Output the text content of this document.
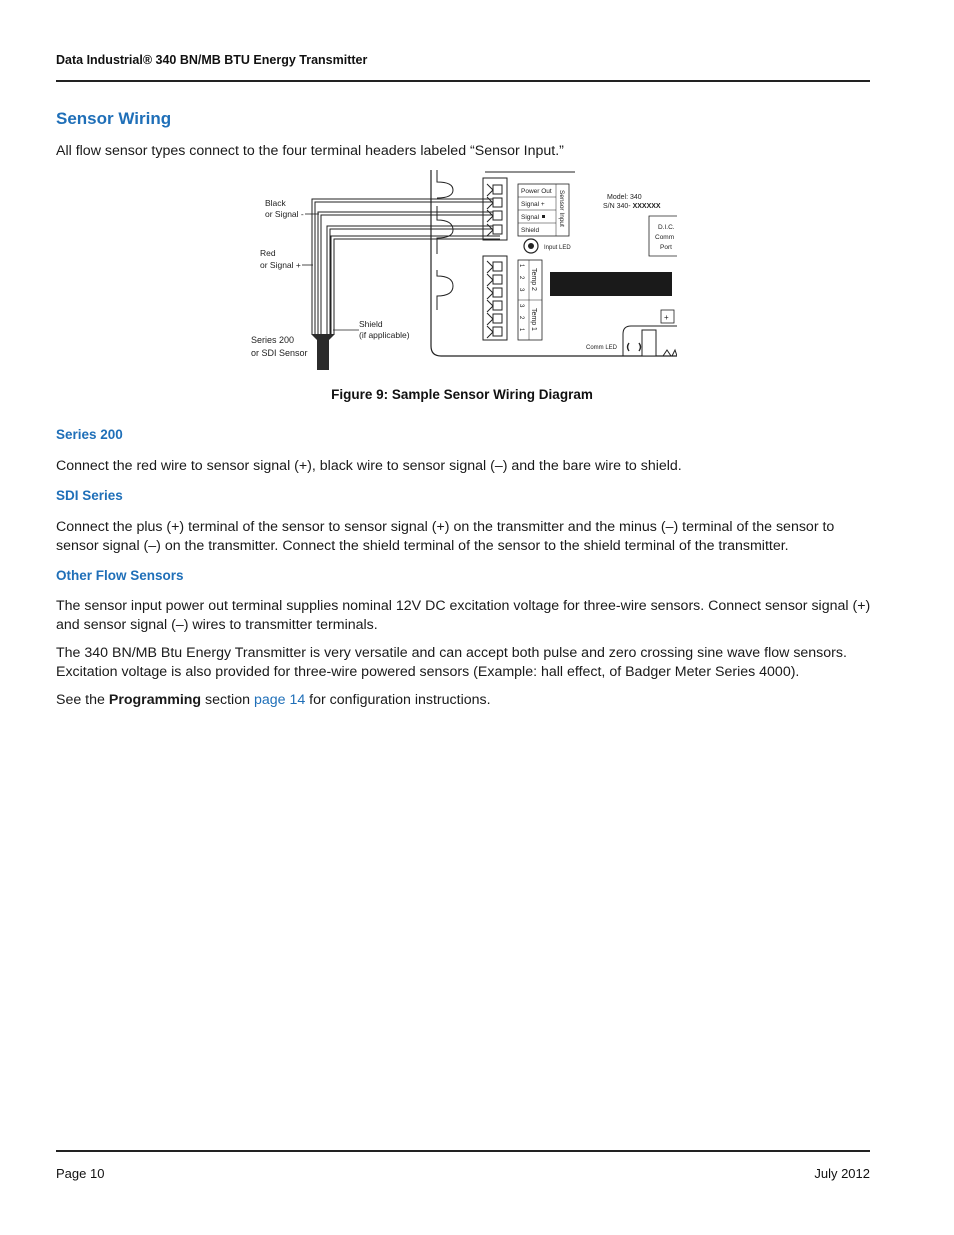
Data Industrial® 340 BN/MB BTU Energy Transmitter
Sensor Wiring
All flow sensor types connect to the four terminal headers labeled “Sensor Input.”
Black
or Signal -
Red
or Signal +
Shield
(if applicable)
Series 200
or SDI Sensor
Power Out
Signal +
Signal
Shield
Sensor Input
Input LED
1
2
3
3
2
1
Temp 2
Temp 1
Model: 340
S/N 340- XXXXXX
D.I.C.
Comm
Port
+
Comm LED
Figure 9: Sample Sensor Wiring Diagram
Series 200
Connect the red wire to sensor signal (+), black wire to sensor signal (–) and the bare wire to shield.
SDI Series
Connect the plus (+) terminal of the sensor to sensor signal (+) on the transmitter and the minus (–) terminal of the sensor to sensor signal (–) on the transmitter. Connect the shield terminal of the sensor to the shield terminal of the transmitter.
Other Flow Sensors
The sensor input power out terminal supplies nominal 12V DC excitation voltage for three-wire sensors. Connect sensor signal (+) and sensor signal (–) wires to transmitter terminals.
The 340 BN/MB Btu Energy Transmitter is very versatile and can accept both pulse and zero crossing sine wave flow sensors. Excitation voltage is also provided for three-wire powered sensors (Example: hall effect, of Badger Meter Series 4000).
See the Programming section page 14 for configuration instructions.
Page 10	July 2012
